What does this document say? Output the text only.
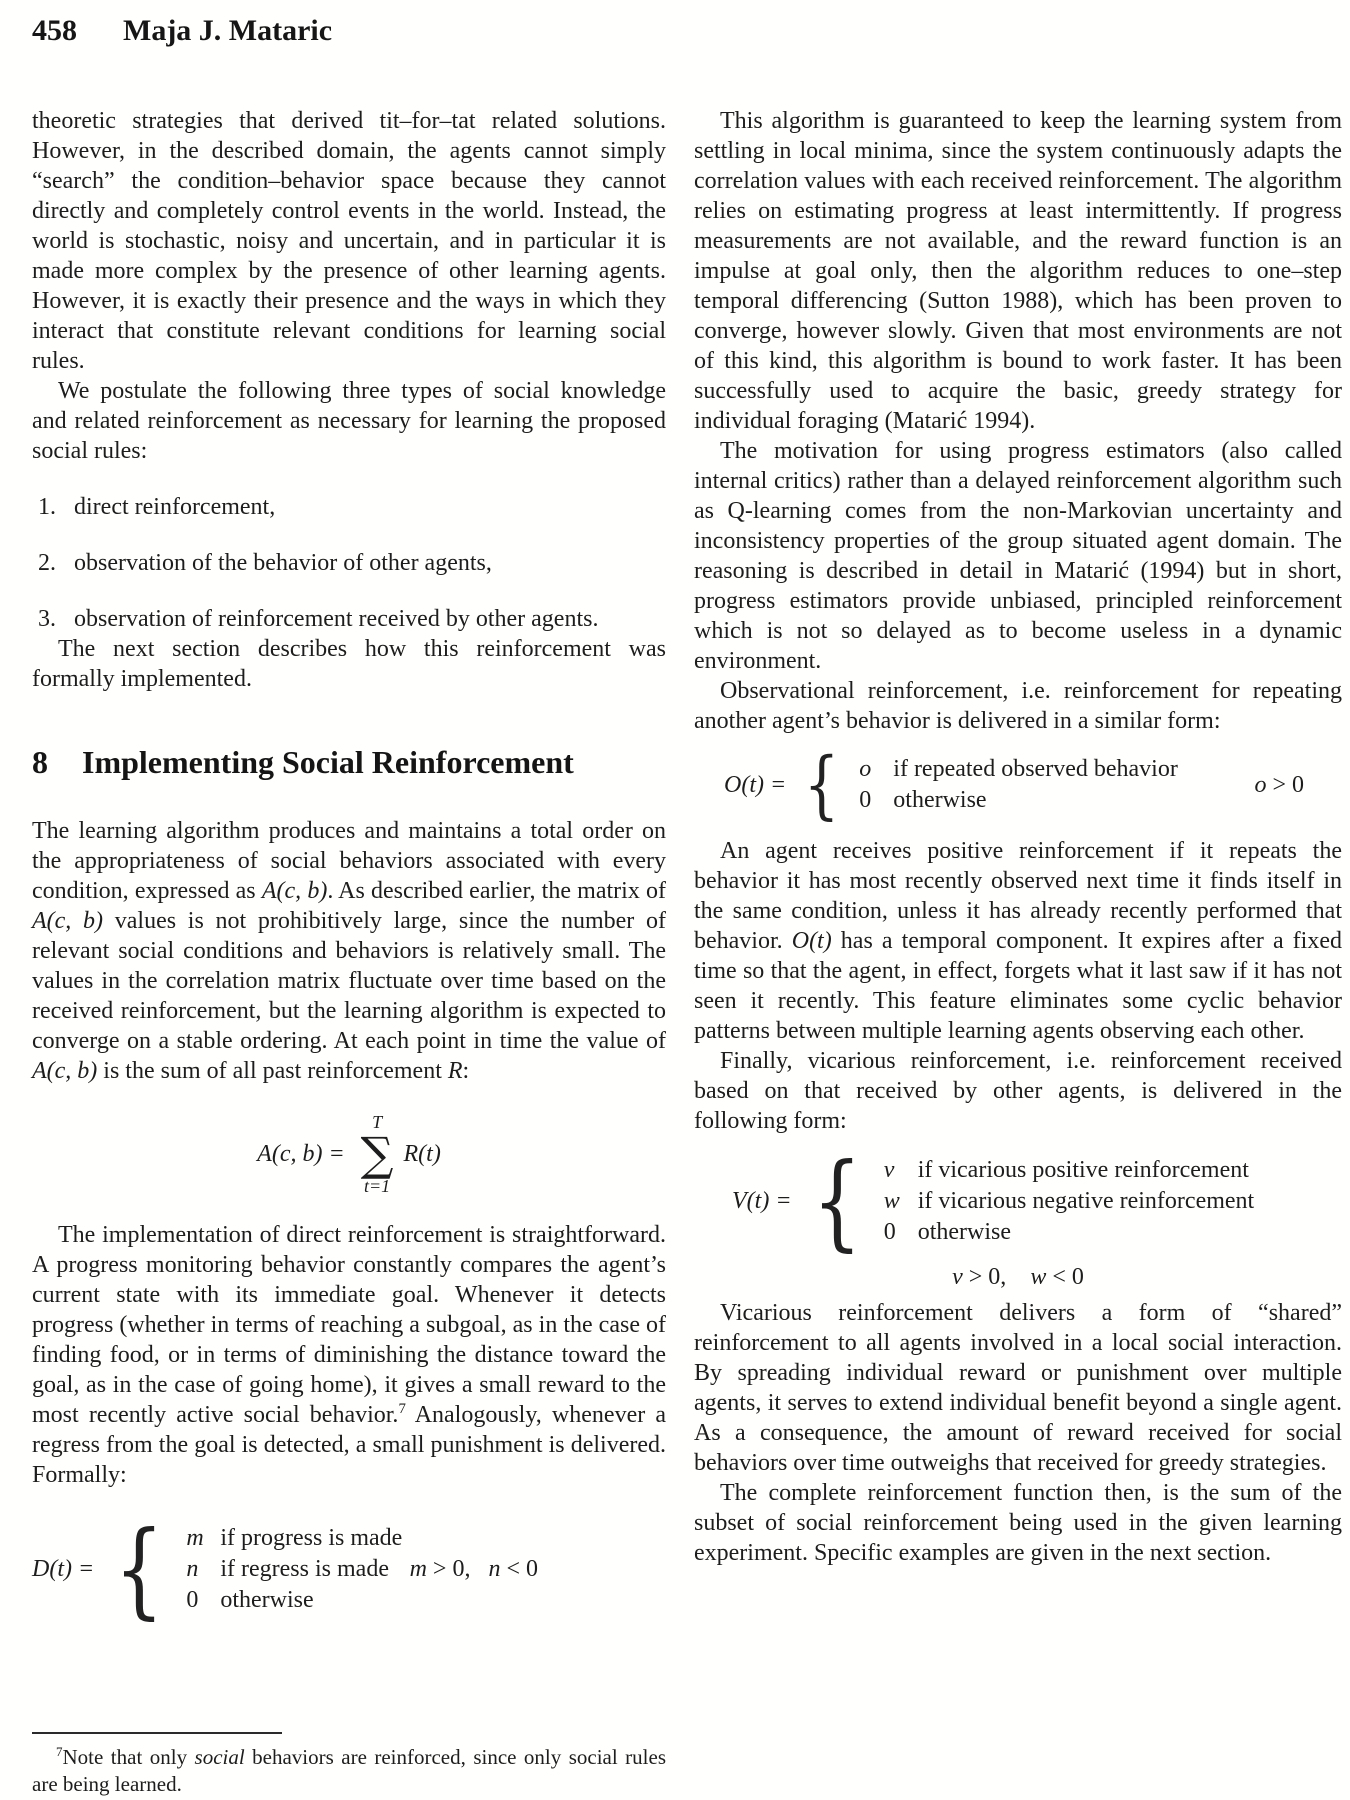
458 Maja J. Mataric

theoretic strategies that derived tit–for–tat related solutions. However, in the described domain, the agents cannot simply “search” the condition–behavior space because they cannot directly and completely control events in the world. Instead, the world is stochastic, noisy and uncertain, and in particular it is made more complex by the presence of other learning agents. However, it is exactly their presence and the ways in which they interact that constitute relevant conditions for learning social rules.

We postulate the following three types of social knowledge and related reinforcement as necessary for learning the proposed social rules:

1. direct reinforcement,
2. observation of the behavior of other agents,
3. observation of reinforcement received by other agents.

The next section describes how this reinforcement was formally implemented.

8 Implementing Social Reinforcement

The learning algorithm produces and maintains a total order on the appropriateness of social behaviors associated with every condition, expressed as A(c, b). As described earlier, the matrix of A(c, b) values is not prohibitively large, since the number of relevant social conditions and behaviors is relatively small. The values in the correlation matrix fluctuate over time based on the received reinforcement, but the learning algorithm is expected to converge on a stable ordering. At each point in time the value of A(c, b) is the sum of all past reinforcement R:

A(c, b) =
T
∑
t=1
R(t)

The implementation of direct reinforcement is straightforward. A progress monitoring behavior constantly compares the agent’s current state with its immediate goal. Whenever it detects progress (whether in terms of reaching a subgoal, as in the case of finding food, or in terms of diminishing the distance toward the goal, as in the case of going home), it gives a small reward to the most recently active social behavior.$^7$ Analogously, whenever a regress from the goal is detected, a small punishment is delivered. Formally:

D(t) = { m if progress is made
n if regress is made
0 otherwise
m > 0,   n < 0

$^7$Note that only social behaviors are reinforced, since only social rules are being learned.

This algorithm is guaranteed to keep the learning system from settling in local minima, since the system continuously adapts the correlation values with each received reinforcement. The algorithm relies on estimating progress at least intermittently. If progress measurements are not available, and the reward function is an impulse at goal only, then the algorithm reduces to one–step temporal differencing (Sutton 1988), which has been proven to converge, however slowly. Given that most environments are not of this kind, this algorithm is bound to work faster. It has been successfully used to acquire the basic, greedy strategy for individual foraging (Matarić 1994).

The motivation for using progress estimators (also called internal critics) rather than a delayed reinforcement algorithm such as Q-learning comes from the non-Markovian uncertainty and inconsistency properties of the group situated agent domain. The reasoning is described in detail in Matarić (1994) but in short, progress estimators provide unbiased, principled reinforcement which is not so delayed as to become useless in a dynamic environment.

Observational reinforcement, i.e. reinforcement for repeating another agent’s behavior is delivered in a similar form:

O(t) = { o if repeated observed behavior
0 otherwise
o > 0

An agent receives positive reinforcement if it repeats the behavior it has most recently observed next time it finds itself in the same condition, unless it has already recently performed that behavior. O(t) has a temporal component. It expires after a fixed time so that the agent, in effect, forgets what it last saw if it has not seen it recently. This feature eliminates some cyclic behavior patterns between multiple learning agents observing each other.

Finally, vicarious reinforcement, i.e. reinforcement received based on that received by other agents, is delivered in the following form:

V(t) = { v if vicarious positive reinforcement
w if vicarious negative reinforcement
0 otherwise
v > 0,    w < 0

Vicarious reinforcement delivers a form of “shared” reinforcement to all agents involved in a local social interaction. By spreading individual reward or punishment over multiple agents, it serves to extend individual benefit beyond a single agent. As a consequence, the amount of reward received for social behaviors over time outweighs that received for greedy strategies.

The complete reinforcement function then, is the sum of the subset of social reinforcement being used in the given learning experiment. Specific examples are given in the next section.
